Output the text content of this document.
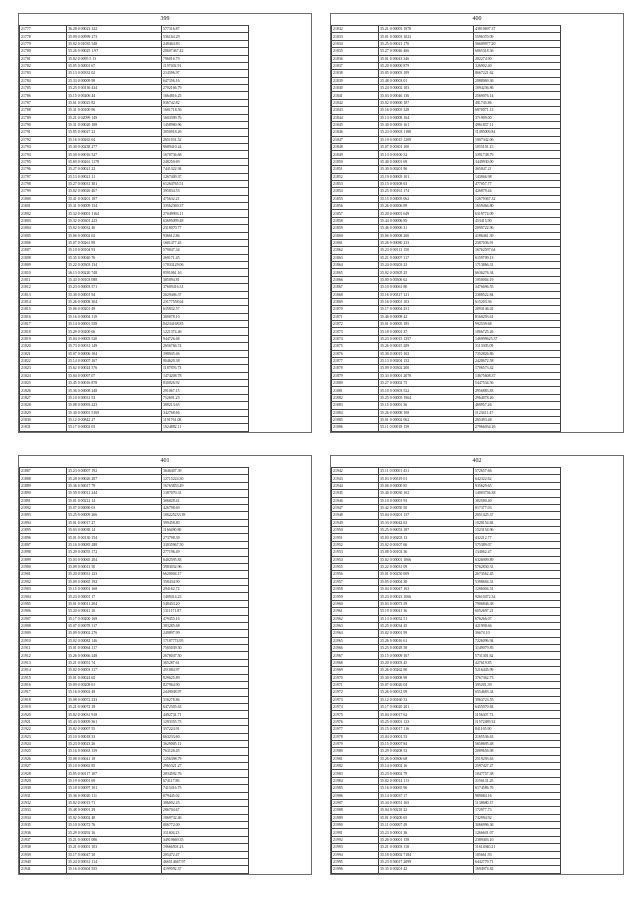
399
21777	36.28 0 00023 322	577316.87
21778	35.09 0 00999 273	536164.29
21779	35.02 0 01035 548	248464.83
21780	35.26 0 00025 1.97	20607467.42
21781	35.02 0 0095 5 13	796016.79
21782	35.05 0 00001 67	1197402.91
21783	35.13 0 00332 02	214596.97
21784	35.33 0 00009 98	647356.16
21785	35.25 0 00136 434	2702166.79
21786	35.15 0 00206 44	1664816.25
21787	35.61 0 00025 82	836742.82
21788	35.31 0 00100 96	1681718.56
21789	35.21 0 02099 149	1603399.76
21790	35.31 0 00020 188	1458980.96
21791	35.05 0 00027 23	3050918.26
21792	35.16 0 00263 64	2651031.52
21793	35.30 0 00238 277	9689410.24
21794	35.50 0 00016 527	1670736.68
21795	35.69 0 00261 1178	248250.69
21796	35.27 0 00021 22	7441322.94
21797	35.13 0 00021 11	1267409.37
21798	35.27 0 00031 301	61264765.51
21799	35.02 0 00026 467	395834.53
21800	35.41 0 00201 187	475632.21
21801	35.31 0 00009 154	33562369.37
21802	35.32 0 00001 1164	27049993.11
21803	35.32 0 00301 223	63695099.48
21804	35.02 0 00032 46	2318070.77
21805	35.06 0 00002 02	936612.86
21806	35.07 0 00261 89	1681477.43
21807	35.10 0 00104 93	579047.34
21808	35.35 0 00040 76	269171.45
21809	35.22 0 00303 134	17033129.06
21810	36.13 0 00220 748	9591061.16
21811	35.43 0 00103 088	385094.81
21812	35.23 0 00003 571	37609416.31
21813	35.30 0 00001 94	2629406.37
21814	35.26 0 00008 304	23177558.64
21815	35.06 0 00201 49	635832.57
21816	35.16 0 00004 119	380078.10
21817	35.14 0 00001 558	84234168.85
21818	35.29 0 00200 66	1221374.46
21819	35.04 0 00003 520	944726.68
21820	35.73 0 00031 149	2656766.74
21821	35.07 0 00006 104	398945.46
21822	35.14 0 00007 167	804620.38
21823	35.62 0 00024 576	1187876.73
21824	35.04 0 00097 07	1474208.78
21825	35.45 0 00016 878	830026.92
21826	35.36 0 00008 248	291067.15
21827	35.10 0 00031 53	752691.25
21828	35.08 0 00093 223	388213.65
21829	35.30 0 00001 5169	342768.66
21830	35.12 0 00842 27	1191761.08
21831	35.17 0 00002 03	1024882.11
400
21832	35.21 0 00003 1978	43810697.37
21833	35.01 0 00003 1023	5596370.09
21834	35.25 0 00021 170	36609977.20
21835	35.27 0 00046 466	6065318.36
21836	35.01 0 00043 346	282274.90
21837	35.20 0 00000 879	326902.40
21838	35.05 0 00003 109	8667221.62
21839	35.48 0 00003 01	2988069.36
21840	35.24 0 00002 103	1094236.86
21841	35.03 0 00046 136	2569076.14
21842	35.02 0 00000 187	481745.86
21843	35.16 0 00003 328	6870071.13
21844	35.13 0 00008 164	371909.00
21845	35.30 0 00003 161	4961837.11
21846	35.23 0 00003 1188	11495009.84
21847	35.19 0 00015 1209	1807342.06
21848	35.07 0 00301 100	1055101.15
21849	35.13 0 00100 52	3391738.79
21850	35.40 0 00001 69	3449930.00
21851	35.30 0 00201 96	365047.21
21852	35.19 0 00005 101	143066.98
21853	35.15 0 00108 63	477057.77
21854	35.25 0 00161 174	426879.44
21855	35.15 0 00005 062	12679367.32
21856	35.26 0 00506 89	1659466.80
21857	35.20 0 00001 649	6319774.09
21858	35.44 0 00006 85	453415.90
21859	35.46 0 00006 31	2090722.96
21860	35.06 0 00008 200	4186461.39
21861	35.26 0 00080 233	2387036.91
21862	35.23 0 00113 150	16762597.64
21863	35.21 0 00007 117	6159709.13
21864	35.24 0 00203 23	1713866.31
21865	35.02 0 00305 25	6636276.34
21866	35.00 0 00506 62	1950004.19
21867	35.10 0 00061 80	3476696.55
21868	35.16 0 00317 121	2388522.84
21869	35.16 0 00001 103	615203.36
21870	35.17 0 00004 251	2093146.02
21871	35.46 0 00008 42	8160293.61
21872	35.01 0 00005 185	992539.68
21873	35.18 0 00001 37	1066725.26
21874	35.23 0 00015 1357	146999625.37
21875	35.26 0 00015 209	3113305.09
21876	35.30 0 00015 102	7352826.86
21877	35.13 0 00204 152	2428672.58
21878	35.09 0 00302 200	1706573.42
21879	35.33 0 00001 2070	13675608.37
21880	35.27 0 00002 75	5447534.56
21881	35.10 0 00303 522	2956883.83
21882	35.25 0 00005 1964	2964078.26
21883	35.15 0 00001 36	469957.26
21884	35.26 0 00008 108	1123411.47
21885	35.01 0 00002 062	265493.48
21886	35.11 0 00018 139	27966034.26
401
21887	35.23 0 00007 192	3646407.39
21888	35.28 0 00026 287	12715224.30
21889	35.36 0 00017 79	16763853.49
21890	35.50 0 00011 244	1387070.31
21891	35.01 0 00212 14	306828.41
21892	35.07 0 00090 03	426798.69
21893	35.25 0 00009 266	106225233.39
21894	35.01 0 00017 27	399458.80
21895	35.03 0 00038 14	1166490.80
21896	35.01 0 00130 154	273798.39
21897	35.16 0 00085 288	33035967.50
21898	35.29 0 00055 172	277196.49
21899	35.03 0 00065 204	6402595.83
21900	35.09 0 00013 50	3983032.96
21901	35.20 0 00031 123	6620004.17
21902	35.09 0 00065 192	358434.90
21903	35.15 0 00001 168	294162.72
21904	35.23 0 00001 17	1409414.23
21905	35.01 0 00011 204	548453.20
21906	35.20 0 00041 16	1311171.87
21907	35.17 0 00200 169	479455.16
21908	35.07 0 00078 117	383285.68
21909	35.09 0 00002 276	249897.99
21910	35.02 0 00082 146	17187774.95
21911	35.01 0 00064 117	7565039.30
21912	35.26 0 00066 248	2678047.50
21913	35.21 0 00051 74	365287.61
21914	35.02 0 00003 117	451084.97
21915	35.01 0 00024 65	829625.89
21916	35.09 0 00208 61	827964.90
21917	35.16 0 00002 48	2449048.97
21918	35.08 0 00072 233	316278.86
21919	35.21 0 00072 18	6472505.63
21920	35.02 0 00031 918	4492731.71
21921	35.43 0 00009 361	1293355.73
21922	35.02 0 00007 55	357224.91
21923	35.10 0 00018 33	663233.60
21924	35.23 0 00023 26	3629005.11
21925	35.16 0 00063 159	763126.45
21926	35.08 0 00041 18	1256398.79
21927	35.10 0 00063 85	2965321.27
21928	35.05 0 00117 107	2834592.76
21929	35.19 0 00001 69	674117.86
21930	35.18 0 00097 101	7415416.75
21931	35.36 0 00020 111	879445.02
21932	35.02 0 00015 71	386002.45
21933	35.48 0 00001 29	286704.67
21934	35.02 0 00002 48	1869732.46
21935	35.10 0 00072 76	806772.00
21936	35.29 0 00292 16	311604.23
21937	35.21 0 00001 086	34919669.35
21938	35.21 0 00001 103	19666501.23
21939	35.17 0 00047 10	205472.47
21940	35.24 0 00031 114	466514667.97
21941	35.16 0 00304 555	4199592.37
402
21942	35.11 0 00001 431	572657.66
21943	35.03 0 00319 01	642322.62
21944	35.06 0 00000 85	935629.65
21945	35.40 0 00030 102	14003736.38
21946	35.10 0 00001 93	382580.40
21947	35.42 0 00050 50	817377.03
21948	35.04 0 00201 137	2051425.37
21949	35.33 0 00042 63	1028154.84
21950	35.25 0 00053 187	1523154.96
21951	35.03 0 00203 13	432212.77
21952	35.02 0 00107 66	575389.07
21953	35.08 0 00103 36	134062.47
21954	35.02 0 00001 1066	6326909.89
21955	35.22 0 00031 09	5762830.31
21956	35.01 0 00250 009	2673562.45
21957	35.05 0 00004 38	5398694.31
21958	35.04 0 00047 163	1206004.51
21959	35.23 0 00023 1066	92610472.34
21960	35.03 0 00073 59	7906846.38
21961	35.19 0 00041 36	6052697.21
21962	35.13 0 00052 51	676266.07
21963	35.25 0 00034 45	421998.66
21964	35.02 0 00001 99	36674.10
21965	35.26 0 00016 61	7226096.94
21966	35.25 0 00028 58	3149079.85
21967	35.15 0 00009 167	5731301.62
21968	35.20 0 00003 45	427619.85
21969	35.26 0 00262 80	5216445.99
21970	35.30 0 00008 98	3767362.73
21971	35.07 0 00020 04	395201.39
21972	35.26 0 00031 09	6554683.34
21973	35.12 0 00160 53	3963723.55
21974	35.17 0 00020 201	6455970.84
21975	35.04 0 00017 62	1156307.73
21976	35.25 0 00001 123	11572489.52
21977	35.15 0 00017 116	841165.90
21978	35.04 0 00001 53	2165536.63
21979	35.15 0 00007 84	5658695.48
21980	35.29 0 00208 53	2089656.98
21981	35.26 0 00306 68	2519293.63
21982	35.14 0 00002 16	2597427.47
21983	35.23 0 00002 79	1847757.38
21984	35.02 0 00014 113	3156131.25
21985	35.16 0 00065 96	6174586.76
21986	35.14 0 00037 17	989084.16
21987	35.34 0 00051 165	1138680.37
21988	35.04 0 00218 22	172977.73
21989	35.01 0 00200 65	742994.92
21990	35.11 0 00007 49	3066996.36
21991	35.23 0 00001 36	1266601.07
21992	35.26 0 00001 158	2389403.10
21993	35.21 0 00003 118	11614940.21
21994	35.18 0 00002 7184	185661.93
21995	35.23 0 00017 2099	6442779.71
21996	35.35 0 00201 42	1694974.82
